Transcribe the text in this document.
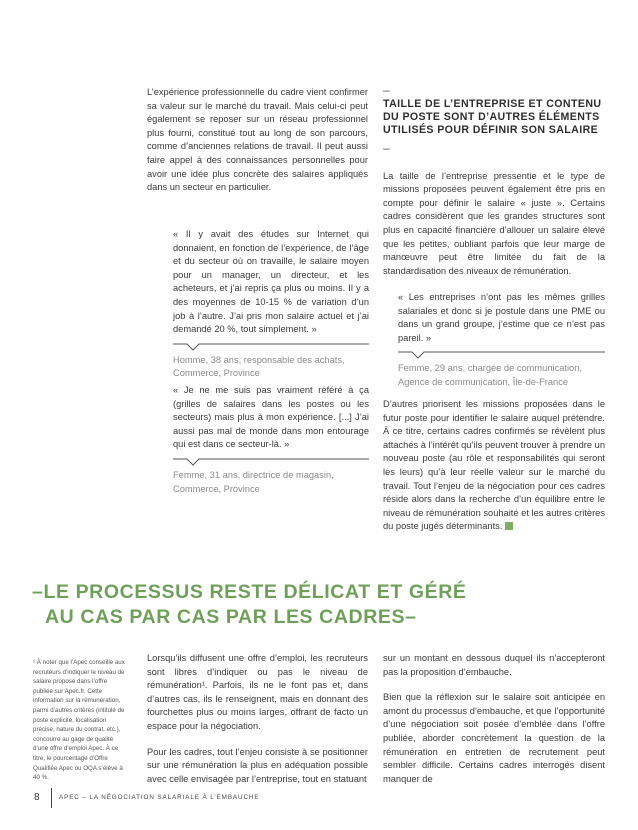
L’expérience professionnelle du cadre vient confirmer sa valeur sur le marché du travail. Mais celui-ci peut également se reposer sur un réseau professionnel plus fourni, constitué tout au long de son parcours, comme d’anciennes relations de travail. Il peut aussi faire appel à des connaissances personnelles pour avoir une idée plus concrète des salaires appliqués dans un secteur en particulier.

« Il y avait des études sur Internet qui donnaient, en fonction de l’expérience, de l’âge et du secteur où on travaille, le salaire moyen pour un manager, un directeur, et les acheteurs, et j’ai repris ça plus ou moins. Il y a des moyennes de 10-15 % de variation d’un job à l’autre. J’ai pris mon salaire actuel et j’ai demandé 20 %, tout simplement. »

Homme, 38 ans, responsable des achats, Commerce, Province

« Je ne me suis pas vraiment référé à ça (grilles de salaires dans les postes ou les secteurs) mais plus à mon expérience. [...] J’ai aussi pas mal de monde dans mon entourage qui est dans ce secteur-là. »

Femme, 31 ans, directrice de magasin, Commerce, Province

–
TAILLE DE L’ENTREPRISE ET CONTENU DU POSTE SONT D’AUTRES ÉLÉMENTS UTILISÉS POUR DÉFINIR SON SALAIRE
–

La taille de l’entreprise pressentie et le type de missions proposées peuvent également être pris en compte pour définir le salaire « juste ». Certains cadres considèrent que les grandes structures sont plus en capacité financière d’allouer un salaire élevé que les petites, oubliant parfois que leur marge de manœuvre peut être limitée du fait de la standardisation des niveaux de rémunération.

« Les entreprises n’ont pas les mêmes grilles salariales et donc si je postule dans une PME ou dans un grand groupe, j’estime que ce n’est pas pareil. »

Femme, 29 ans, chargée de communication, Agence de communication, Île-de-France

D’autres priorisent les missions proposées dans le futur poste pour identifier le salaire auquel prétendre. À ce titre, certains cadres confirmés se révèlent plus attachés à l’intérêt qu’ils peuvent trouver à prendre un nouveau poste (au rôle et responsabilités qui seront les leurs) qu’à leur réelle valeur sur le marché du travail. Tout l’enjeu de la négociation pour ces cadres réside alors dans la recherche d’un équilibre entre le niveau de rémunération souhaité et les autres critères du poste jugés déterminants.

–LE PROCESSUS RESTE DÉLICAT ET GÉRÉ

AU CAS PAR CAS PAR LES CADRES–

¹ À noter que l’Apec conseille aux recruteurs d’indiquer le niveau de salaire proposé dans l’offre publiée sur Apec.fr. Cette information sur la rémunération, parmi d’autres critères (intitulé de poste explicite, localisation précise, nature du contrat, etc.), concourre au gage de qualité d’une offre d’emploi Apec. À ce titre, le pourcentage d’Offre Qualifiée Apec ou OQA s’élève à 40 %.

Lorsqu’ils diffusent une offre d’emploi, les recruteurs sont libres d’indiquer ou pas le niveau de rémunération¹. Parfois, ils ne le font pas et, dans d’autres cas, ils le renseignent, mais en donnant des fourchettes plus ou moins larges, offrant de facto un espace pour la négociation.

Pour les cadres, tout l’enjeu consiste à se positionner sur une rémunération la plus en adéquation possible avec celle envisagée par l’entreprise, tout en statuant

sur un montant en dessous duquel ils n’accepteront pas la proposition d’embauche.

Bien que la réflexion sur le salaire soit anticipée en amont du processus d’embauche, et que l’opportunité d’une négociation soit posée d’emblée dans l’offre publiée, aborder concrètement la question de la rémunération en entretien de recrutement peut sembler difficile. Certains cadres interrogés disent manquer de

8	APEC – LA NÉGOCIATION SALARIALE À L’EMBAUCHE
